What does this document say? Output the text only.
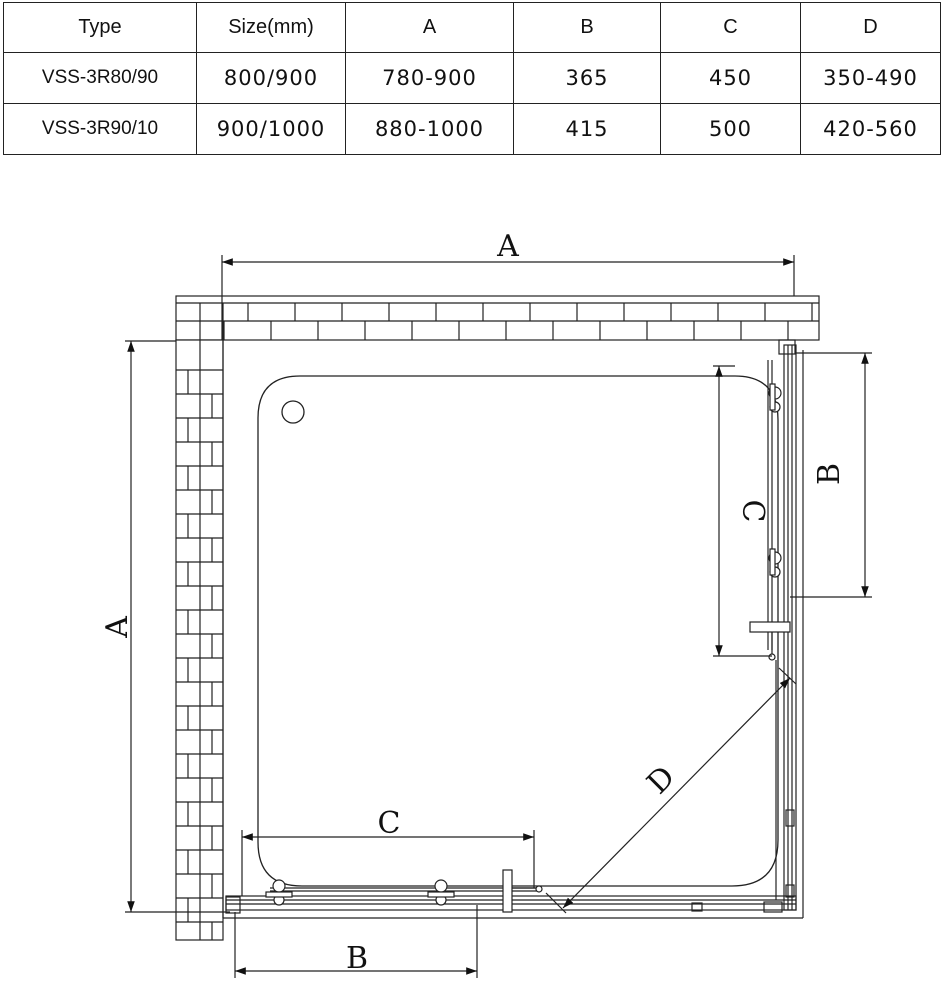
Type	Size(mm)	A	B	C	D
VSS-3R80/90	800/900	780-900	365	450	350-490
VSS-3R90/10	900/1000	880-1000	415	500	420-560
A
A
B
B
C
C
D
